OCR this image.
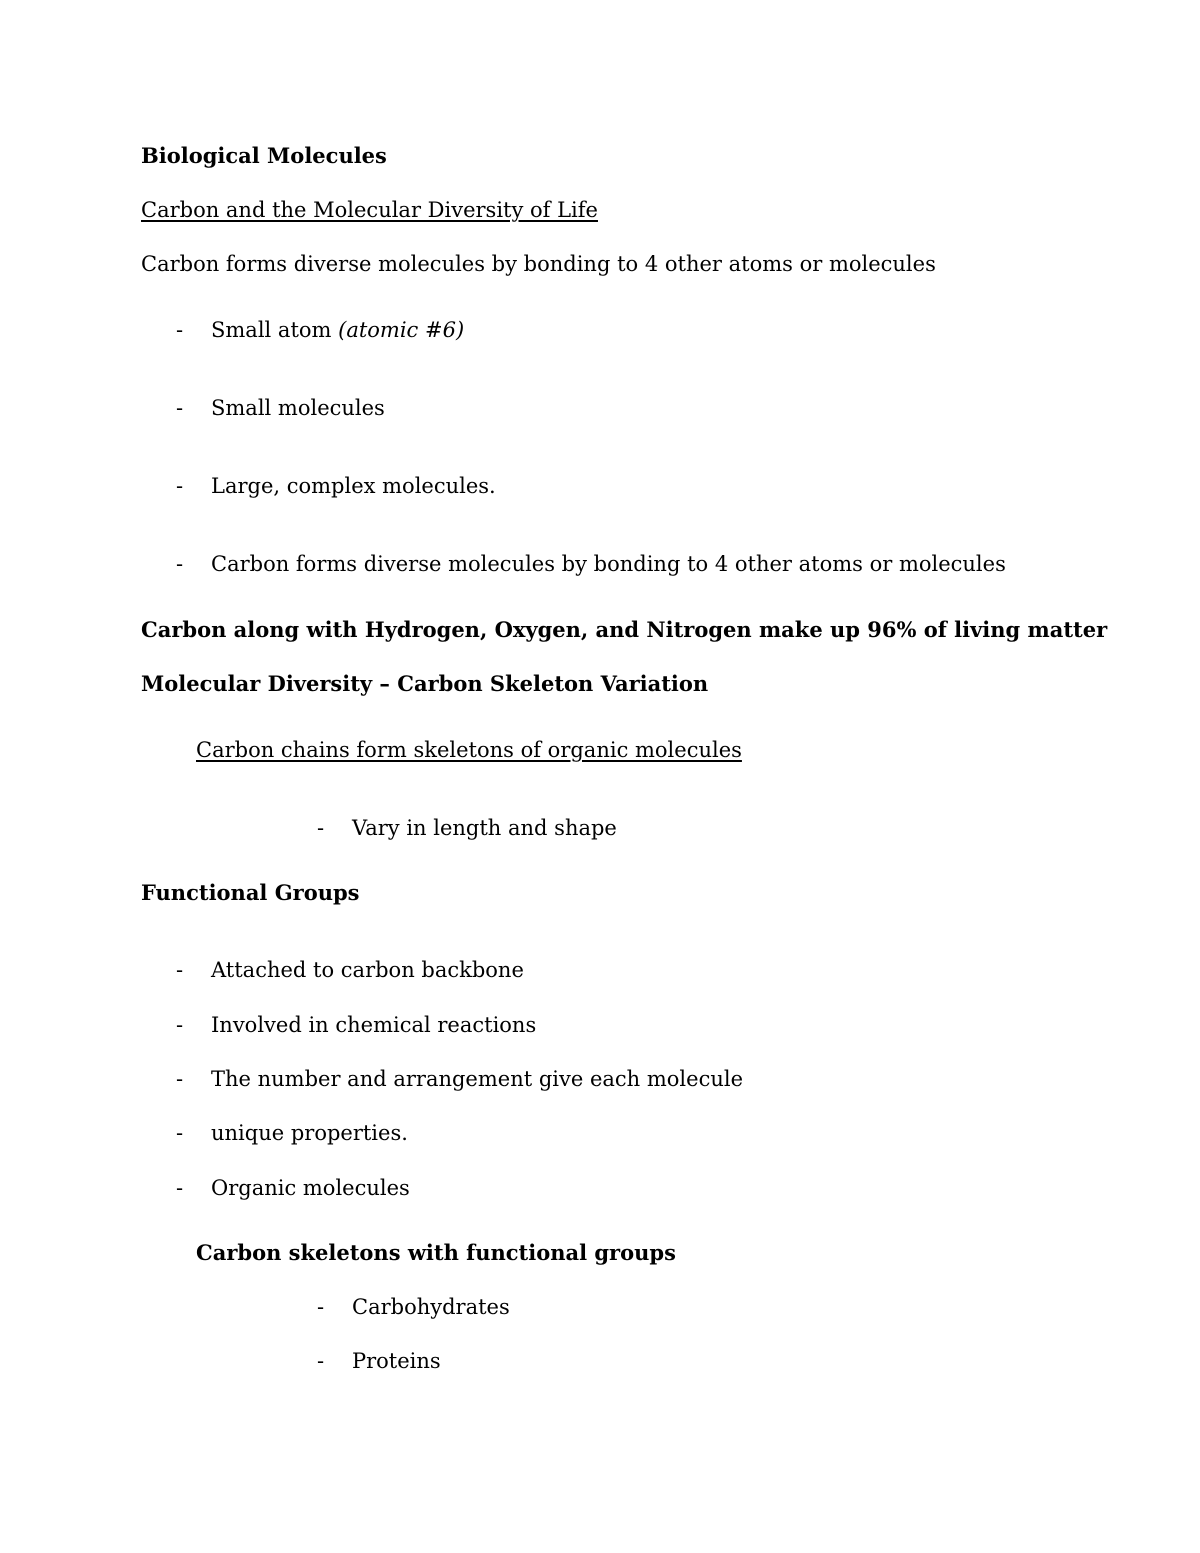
Biological Molecules
Carbon and the Molecular Diversity of Life
Carbon forms diverse molecules by bonding to 4 other atoms or molecules
- Small atom (atomic #6)
- Small molecules
- Large, complex molecules.
- Carbon forms diverse molecules by bonding to 4 other atoms or molecules
Carbon along with Hydrogen, Oxygen, and Nitrogen make up 96% of living matter
Molecular Diversity – Carbon Skeleton Variation
Carbon chains form skeletons of organic molecules
- Vary in length and shape
Functional Groups
- Attached to carbon backbone
- Involved in chemical reactions
- The number and arrangement give each molecule
- unique properties.
- Organic molecules
Carbon skeletons with functional groups
- Carbohydrates
- Proteins
